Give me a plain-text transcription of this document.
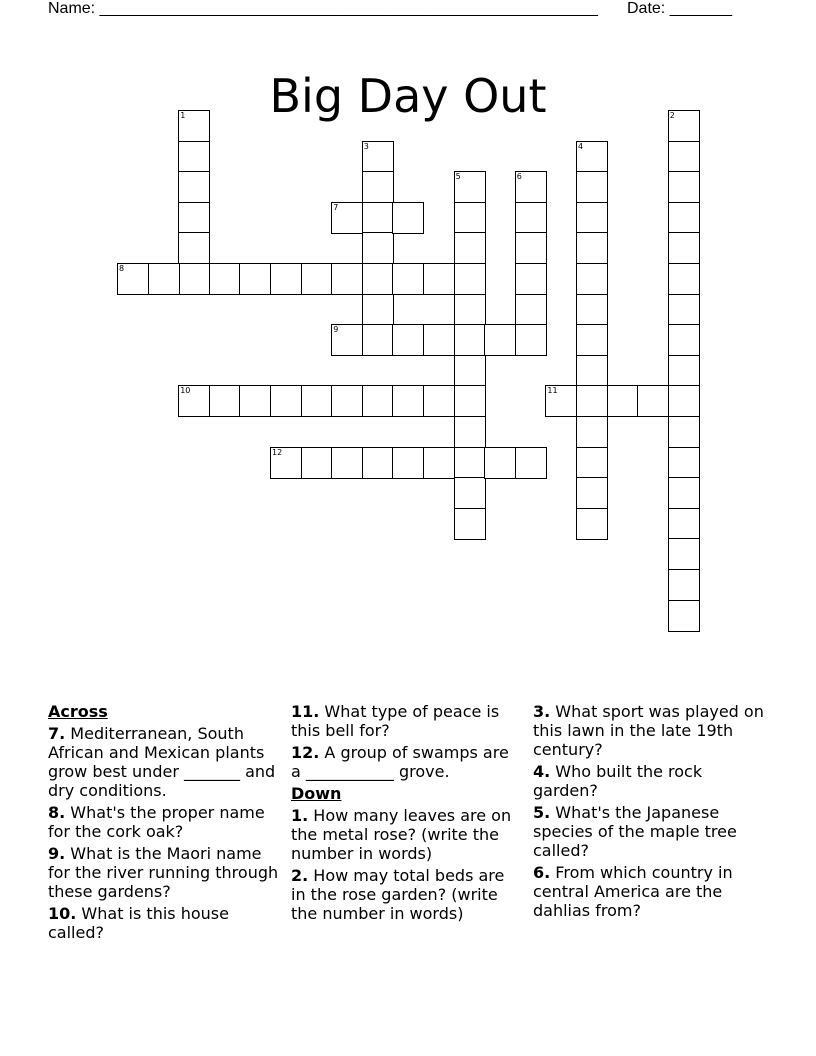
Name: ________________________________________________________ Date: _______
Big Day Out
1	2
3	4
5	6
7
8
9
10	11
12
Across
7. Mediterranean, South African and Mexican plants grow best under _______ and dry conditions.
8. What's the proper name for the cork oak?
9. What is the Maori name for the river running through these gardens?
10. What is this house called?
11. What type of peace is this bell for?
12. A group of swamps are a ___________ grove.
Down
1. How many leaves are on the metal rose? (write the number in words)
2. How may total beds are in the rose garden? (write the number in words)
3. What sport was played on this lawn in the late 19th century?
4. Who built the rock garden?
5. What's the Japanese species of the maple tree called?
6. From which country in central America are the dahlias from?
